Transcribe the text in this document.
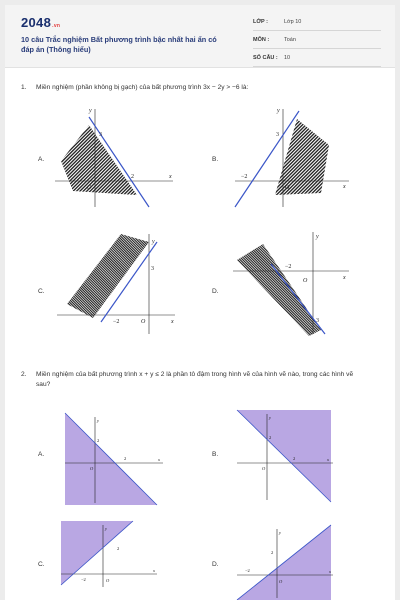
2048.vn
10 câu Trắc nghiệm Bất phương trình bậc nhất hai ẩn có đáp án (Thông hiểu)
LỚP :	Lớp 10
MÔN :	Toán
SỐ CÂU : 10
1. Miền nghiệm (phần không bị gạch) của bất phương trình 3x − 2y > −6 là:
A.	B.
C.	D.
y
x
O
3
2
y
x
O
3
−2
y
x
O
3
−2
y
x
O
3
−2
2. Miền nghiệm của bất phương trình x + y ≤ 2 là phần tô đậm trong hình vẽ của hình vẽ nào, trong các hình vẽ sau?
A.	B.
C.	D.
y
x
O
2
2
y
x
O
2
2
y
x
O
2
−2
y
x
O
2
−2
